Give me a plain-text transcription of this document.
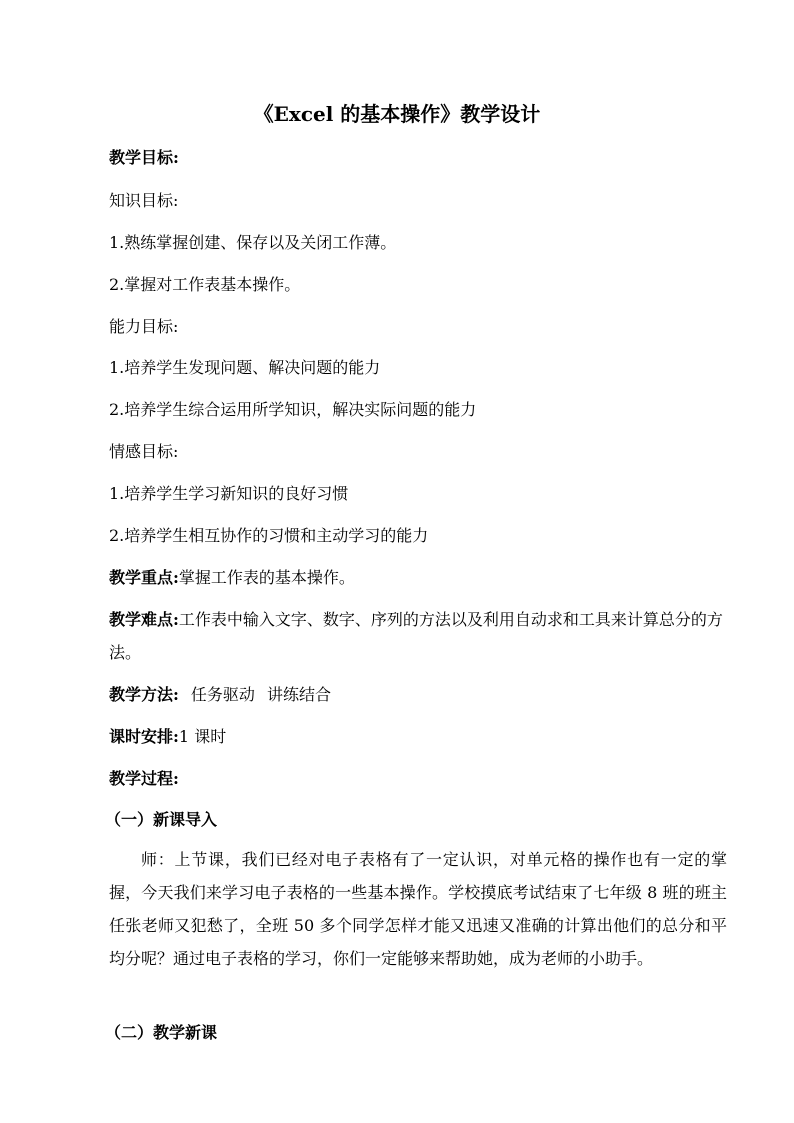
《Excel 的基本操作》教学设计
教学目标:
知识目标:
1.熟练掌握创建、保存以及关闭工作薄。
2.掌握对工作表基本操作。
能力目标:
1.培养学生发现问题、解决问题的能力
2.培养学生综合运用所学知识，解决实际问题的能力
情感目标:
1.培养学生学习新知识的良好习惯
2.培养学生相互协作的习惯和主动学习的能力
教学重点:掌握工作表的基本操作。
教学难点:工作表中输入文字、数字、序列的方法以及利用自动求和工具来计算总分的方法。
教学方法: 任务驱动 讲练结合
课时安排:1 课时
教学过程:
（一）新课导入
师：上节课，我们已经对电子表格有了一定认识，对单元格的操作也有一定的掌握，今天我们来学习电子表格的一些基本操作。学校摸底考试结束了七年级 8 班的班主任张老师又犯愁了，全班 50 多个同学怎样才能又迅速又准确的计算出他们的总分和平均分呢？通过电子表格的学习，你们一定能够来帮助她，成为老师的小助手。
（二）教学新课
